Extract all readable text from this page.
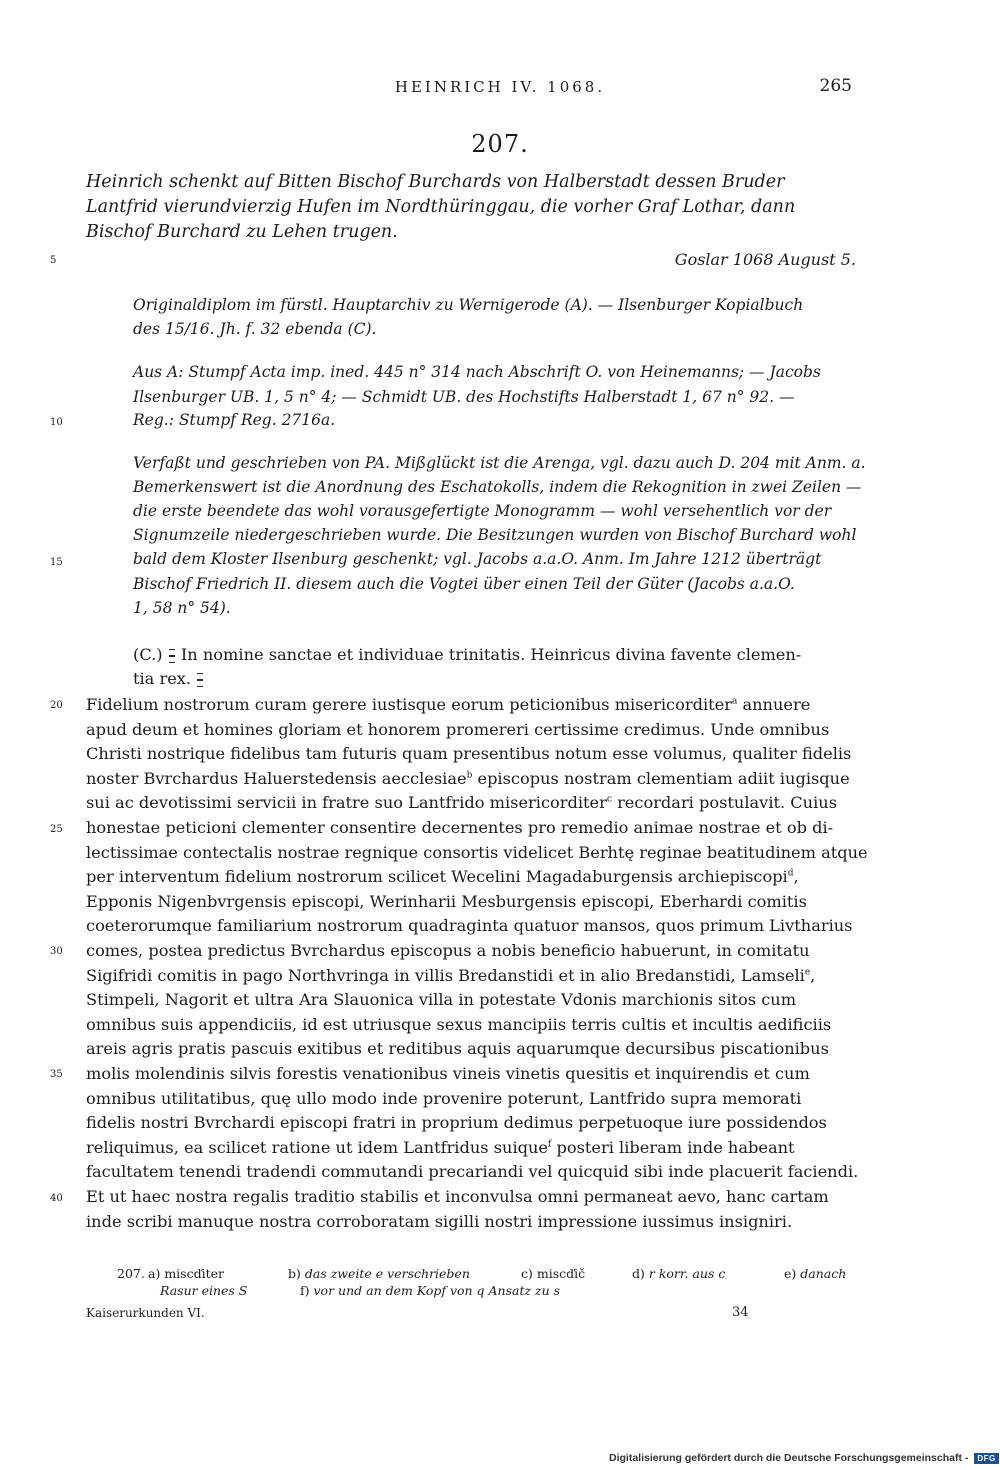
HEINRICH IV. 1068.	265
207.
Heinrich schenkt auf Bitten Bischof Burchards von Halberstadt dessen Bruder
Lantfrid vierundvierzig Hufen im Nordthüringgau, die vorher Graf Lothar, dann
Bischof Burchard zu Lehen trugen.
Goslar 1068 August 5.
5
10
15
20
25
30
35
40
Originaldiplom im fürstl. Hauptarchiv zu Wernigerode (A). — Ilsenburger Kopialbuch
des 15/16. Jh. f. 32 ebenda (C).
Aus A: Stumpf Acta imp. ined. 445 n° 314 nach Abschrift O. von Heinemanns; — Jacobs
Ilsenburger UB. 1, 5 n° 4; — Schmidt UB. des Hochstifts Halberstadt 1, 67 n° 92. —
Reg.: Stumpf Reg. 2716a.
Verfaßt und geschrieben von PA. Mißglückt ist die Arenga, vgl. dazu auch D. 204 mit Anm. a.
Bemerkenswert ist die Anordnung des Eschatokolls, indem die Rekognition in zwei Zeilen —
die erste beendete das wohl vorausgefertigte Monogramm — wohl versehentlich vor der
Signumzeile niedergeschrieben wurde. Die Besitzungen wurden von Bischof Burchard wohl
bald dem Kloster Ilsenburg geschenkt; vgl. Jacobs a.a.O. Anm. Im Jahre 1212 überträgt
Bischof Friedrich II. diesem auch die Vogtei über einen Teil der Güter (Jacobs a.a.O.
1, 58 n° 54).
(C.) In nomine sanctae et individuae trinitatis. Heinricus divina favente clemen-
tia rex.
Fidelium nostrorum curam gerere iustisque eorum peticionibus misericorditer$^a$ annuere
apud deum et homines gloriam et honorem promereri certissime credimus. Unde omnibus
Christi nostrique fidelibus tam futuris quam presentibus notum esse volumus, qualiter fidelis
noster Bvrchardus Haluerstedensis aecclesiae$^b$ episcopus nostram clementiam adiit iugisque
sui ac devotissimi servicii in fratre suo Lantfrido misericorditer$^c$ recordari postulavit. Cuius
honestae peticioni clementer consentire decernentes pro remedio animae nostrae et ob di-
lectissimae contectalis nostrae regnique consortis videlicet Berhtę reginae beatitudinem atque
per interventum fidelium nostrorum scilicet Wecelini Magadaburgensis archiepiscopi$^d$,
Epponis Nigenbvrgensis episcopi, Werinharii Mesburgensis episcopi, Eberhardi comitis
coeterorumque familiarium nostrorum quadraginta quatuor mansos, quos primum Livtharius
comes, postea predictus Bvrchardus episcopus a nobis beneficio habuerunt, in comitatu
Sigifridi comitis in pago Northvringa in villis Bredanstidi et in alio Bredanstidi, Lamseli$^e$,
Stimpeli, Nagorit et ultra Ara Slauonica villa in potestate Vdonis marchionis sitos cum
omnibus suis appendiciis, id est utriusque sexus mancipiis terris cultis et incultis aedificiis
areis agris pratis pascuis exitibus et reditibus aquis aquarumque decursibus piscationibus
molis molendinis silvis forestis venationibus vineis vinetis quesitis et inquirendis et cum
omnibus utilitatibus, quę ullo modo inde provenire poterunt, Lantfrido supra memorati
fidelis nostri Bvrchardi episcopi fratri in proprium dedimus perpetuoque iure possidendos
reliquimus, ea scilicet ratione ut idem Lantfridus suique$^f$ posteri liberam inde habeant
facultatem tenendi tradendi commutandi precariandi vel quicquid sibi inde placuerit faciendi.
Et ut haec nostra regalis traditio stabilis et inconvulsa omni permaneat aevo, hanc cartam
inde scribi manuque nostra corroboratam sigilli nostri impressione iussimus insigniri.
207. a) miscďiter	b) das zweite e verschrieben	c) miscďič	d) r korr. aus c	e) danach
Rasur eines S	f) vor und an dem Kopf von q Ansatz zu s
Kaiserurkunden VI.	34
Digitalisierung gefördert durch die Deutsche Forschungsgemeinschaft - DFG
